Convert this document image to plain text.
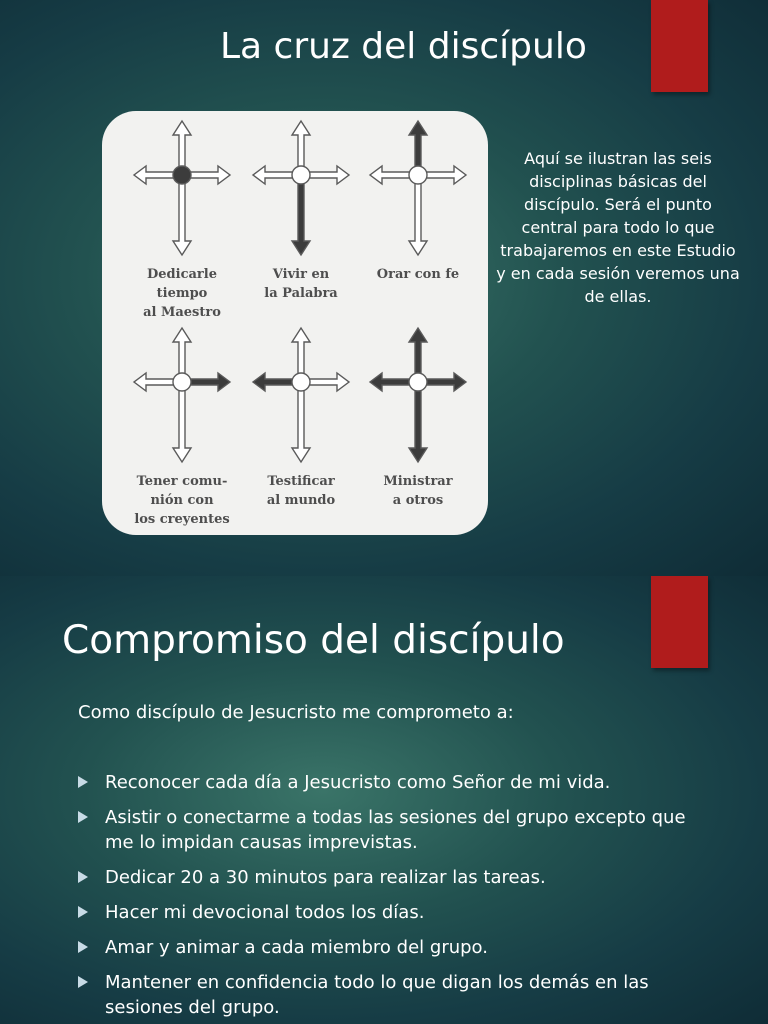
La cruz del discípulo
Dedicarle
tiempo
al Maestro
Vivir en
la Palabra
Orar con fe
Tener comu-
nión con
los creyentes
Testificar
al mundo
Ministrar
a otros
Aquí se ilustran las seis disciplinas básicas del discípulo. Será el punto central para todo lo que trabajaremos en este Estudio y en cada sesión veremos una de ellas.
Compromiso del discípulo
Como discípulo de Jesucristo me comprometo a:
Reconocer cada día a Jesucristo como Señor de mi vida.
Asistir o conectarme a todas las sesiones del grupo excepto que me lo impidan causas imprevistas.
Dedicar 20 a 30 minutos para realizar las tareas.
Hacer mi devocional todos los días.
Amar y animar a cada miembro del grupo.
Mantener en confidencia todo lo que digan los demás en las sesiones del grupo.
